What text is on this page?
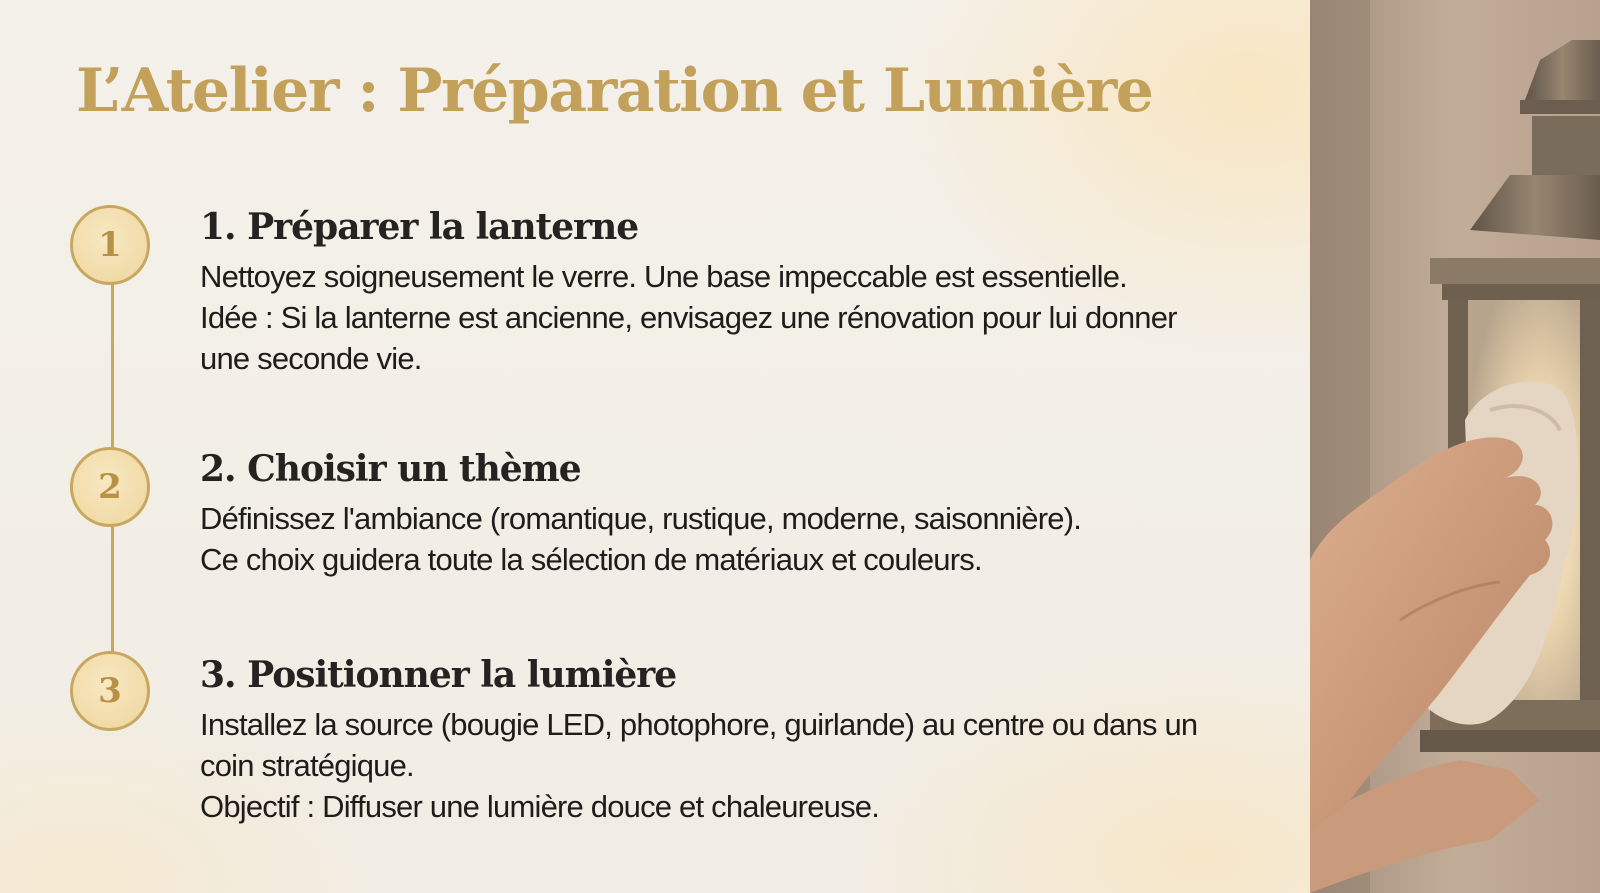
L’Atelier : Préparation et Lumière
1
2
3
1. Préparer la lanterne

Nettoyez soigneusement le verre. Une base impeccable est essentielle.

Idée : Si la lanterne est ancienne, envisagez une rénovation pour lui donner

une seconde vie.

2. Choisir un thème

Définissez l'ambiance (romantique, rustique, moderne, saisonnière).

Ce choix guidera toute la sélection de matériaux et couleurs.

3. Positionner la lumière

Installez la source (bougie LED, photophore, guirlande) au centre ou dans un

coin stratégique.

Objectif : Diffuser une lumière douce et chaleureuse.
